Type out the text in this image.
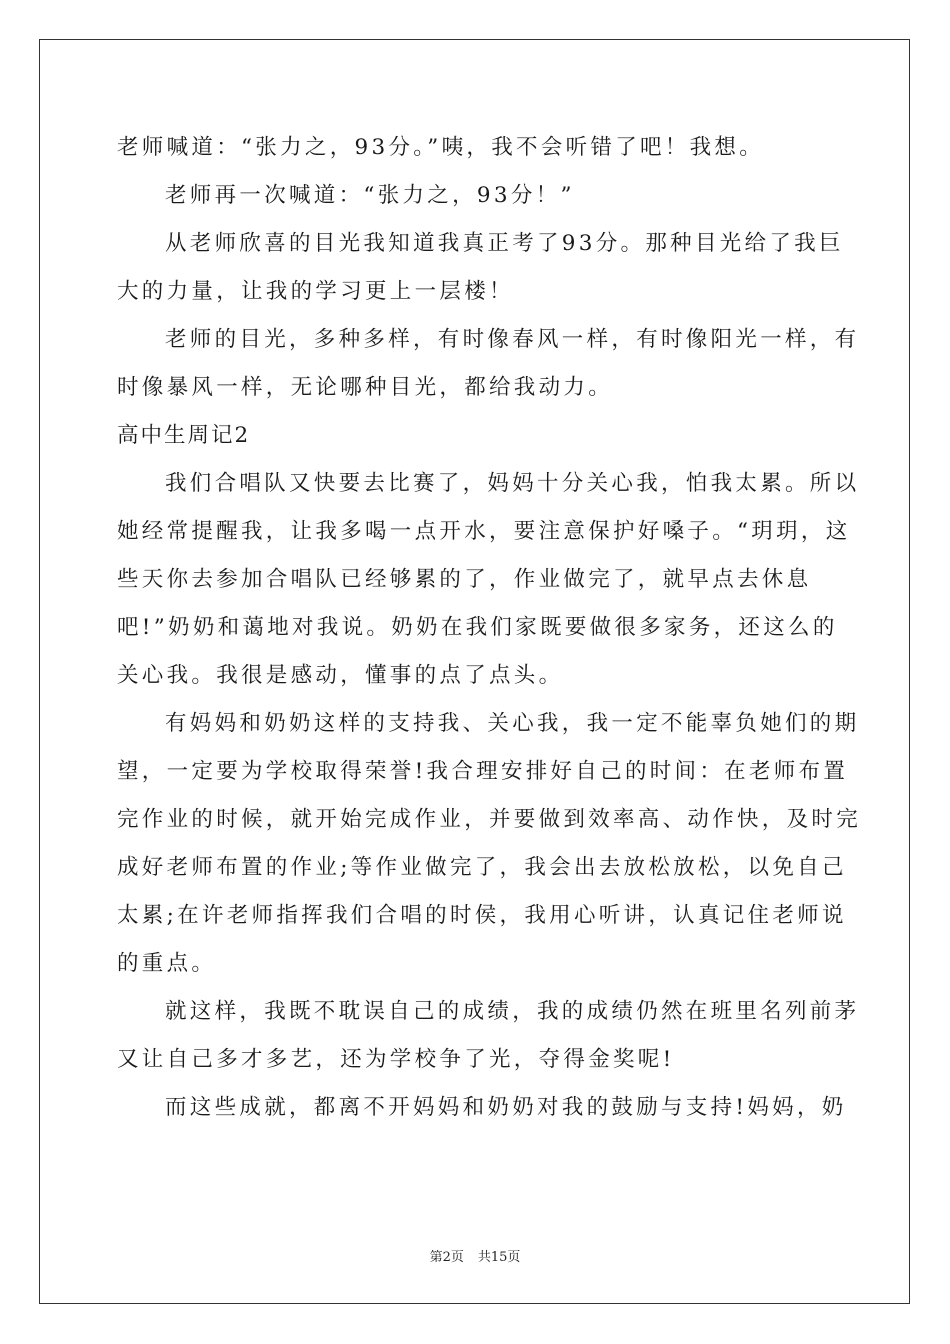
老师喊道：“张力之，93分。”咦，我不会听错了吧！我想。
老师再一次喊道：“张力之，93分！”
从老师欣喜的目光我知道我真正考了93分。那种目光给了我巨
大的力量，让我的学习更上一层楼！
老师的目光，多种多样，有时像春风一样，有时像阳光一样，有
时像暴风一样，无论哪种目光，都给我动力。
高中生周记2
我们合唱队又快要去比赛了，妈妈十分关心我，怕我太累。所以
她经常提醒我，让我多喝一点开水，要注意保护好嗓子。“玥玥，这
些天你去参加合唱队已经够累的了，作业做完了，就早点去休息
吧!”奶奶和蔼地对我说。奶奶在我们家既要做很多家务，还这么的
关心我。我很是感动，懂事的点了点头。
有妈妈和奶奶这样的支持我、关心我，我一定不能辜负她们的期
望，一定要为学校取得荣誉!我合理安排好自己的时间：在老师布置
完作业的时候，就开始完成作业，并要做到效率高、动作快，及时完
成好老师布置的作业;等作业做完了，我会出去放松放松，以免自己
太累;在许老师指挥我们合唱的时侯，我用心听讲，认真记住老师说
的重点。
就这样，我既不耽误自己的成绩，我的成绩仍然在班里名列前茅
又让自己多才多艺，还为学校争了光，夺得金奖呢!
而这些成就，都离不开妈妈和奶奶对我的鼓励与支持!妈妈，奶
第2页 共15页
